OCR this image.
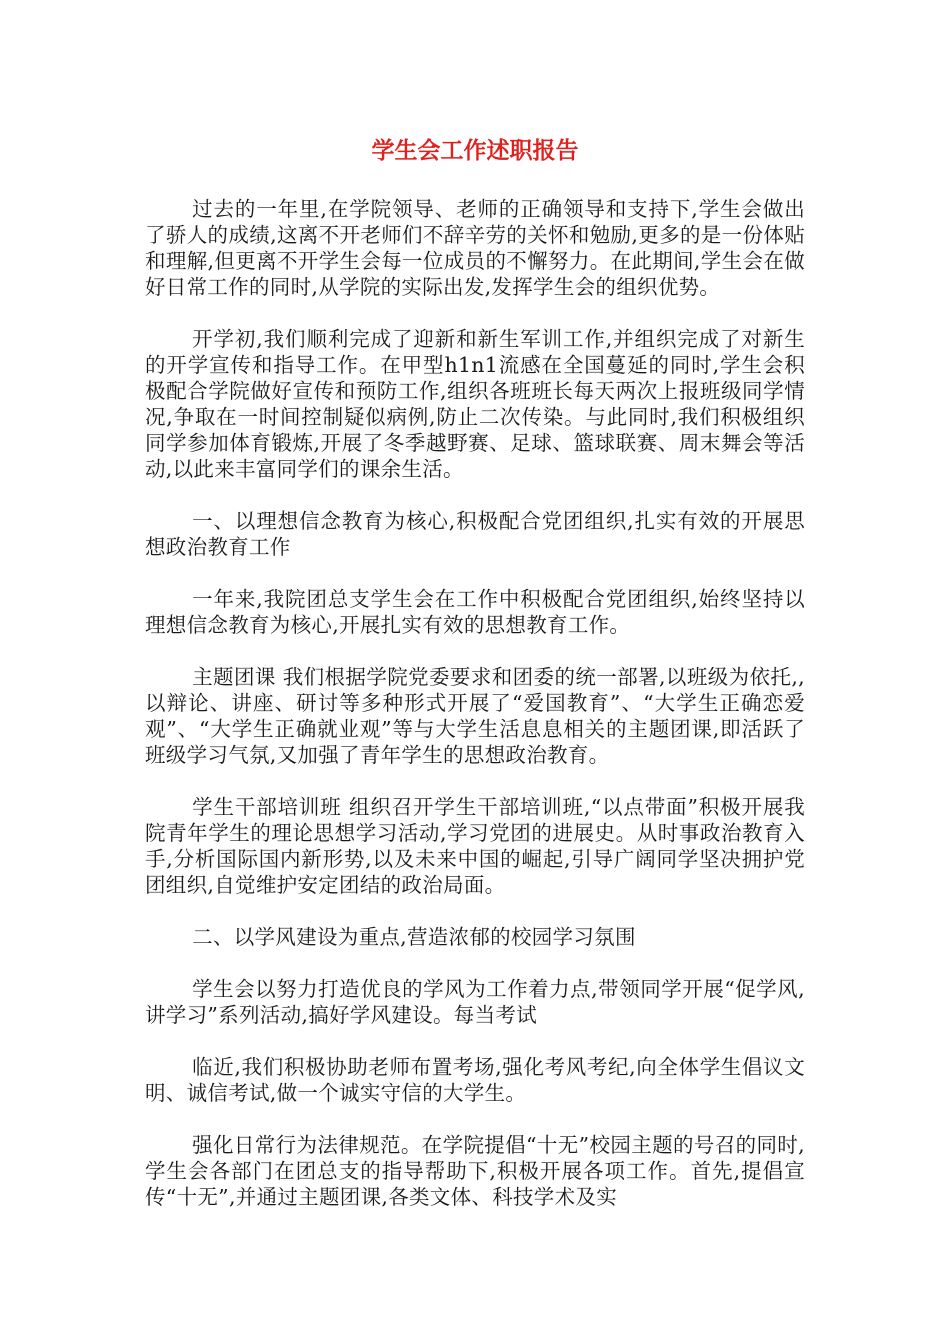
学生会工作述职报告

过去的一年里,在学院领导、老师的正确领导和支持下,学生会做出了骄人的成绩,这离不开老师们不辞辛劳的关怀和勉励,更多的是一份体贴和理解,但更离不开学生会每一位成员的不懈努力。在此期间,学生会在做好日常工作的同时,从学院的实际出发,发挥学生会的组织优势。

开学初,我们顺利完成了迎新和新生军训工作,并组织完成了对新生的开学宣传和指导工作。在甲型h1n1流感在全国蔓延的同时,学生会积极配合学院做好宣传和预防工作,组织各班班长每天两次上报班级同学情况,争取在一时间控制疑似病例,防止二次传染。与此同时,我们积极组织同学参加体育锻炼,开展了冬季越野赛、足球、篮球联赛、周末舞会等活动,以此来丰富同学们的课余生活。

一、以理想信念教育为核心,积极配合党团组织,扎实有效的开展思想政治教育工作

一年来,我院团总支学生会在工作中积极配合党团组织,始终坚持以理想信念教育为核心,开展扎实有效的思想教育工作。

主题团课 我们根据学院党委要求和团委的统一部署,以班级为依托,,以辩论、讲座、研讨等多种形式开展了“爱国教育”、“大学生正确恋爱观”、“大学生正确就业观”等与大学生活息息相关的主题团课,即活跃了班级学习气氛,又加强了青年学生的思想政治教育。

学生干部培训班 组织召开学生干部培训班,“以点带面”积极开展我院青年学生的理论思想学习活动,学习党团的进展史。从时事政治教育入手,分析国际国内新形势,以及未来中国的崛起,引导广阔同学坚决拥护党团组织,自觉维护安定团结的政治局面。

二、以学风建设为重点,营造浓郁的校园学习氛围

学生会以努力打造优良的学风为工作着力点,带领同学开展“促学风,讲学习”系列活动,搞好学风建设。每当考试

临近,我们积极协助老师布置考场,强化考风考纪,向全体学生倡议文明、诚信考试,做一个诚实守信的大学生。

强化日常行为法律规范。在学院提倡“十无”校园主题的号召的同时,学生会各部门在团总支的指导帮助下,积极开展各项工作。首先,提倡宣传“十无”,并通过主题团课,各类文体、科技学术及实
